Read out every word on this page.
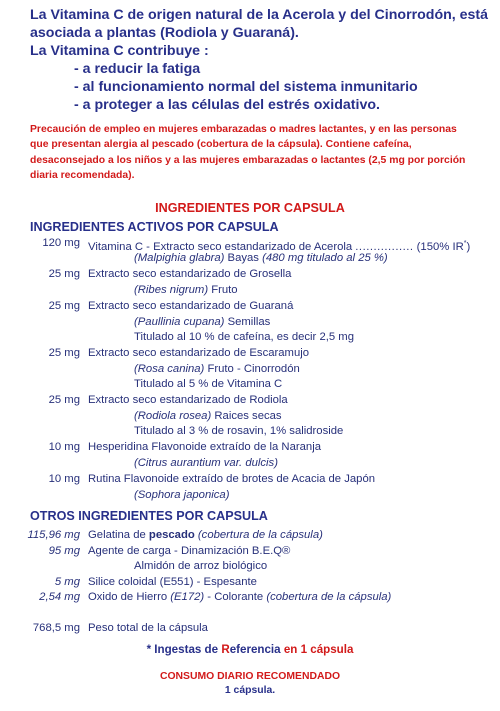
La Vitamina C de origen natural de la Acerola y del Cinorrodón, está
asociada a plantas (Rodiola y Guaraná).
La Vitamina C contribuye :
- a reducir la fatiga
- al funcionamiento normal del sistema inmunitario
- a proteger a las células del estrés oxidativo.
Precaución de empleo en mujeres embarazadas o madres lactantes, y en las personas
que presentan alergia al pescado (cobertura de la cápsula). Contiene cafeína,
desaconsejado a los niños y a las mujeres embarazadas o lactantes (2,5 mg por porción
diaria recomendada).
INGREDIENTES POR CAPSULA
INGREDIENTES ACTIVOS POR CAPSULA
120 mg Vitamina C - Extracto seco estandarizado de Acerola ................ (150% IR*)
(Malpighia glabra) Bayas (480 mg titulado al 25 %)
25 mg Extracto seco estandarizado de Grosella
(Ribes nigrum) Fruto
25 mg Extracto seco estandarizado de Guaraná
(Paullinia cupana) Semillas
Titulado al 10 % de cafeína, es decir 2,5 mg
25 mg Extracto seco estandarizado de Escaramujo
(Rosa canina) Fruto - Cinorrodón
Titulado al 5 % de Vitamina C
25 mg Extracto seco estandarizado de Rodiola
(Rodiola rosea) Raices secas
Titulado al 3 % de rosavin, 1% salidroside
10 mg Hesperidina Flavonoide extraído de la Naranja
(Citrus aurantium var. dulcis)
10 mg Rutina Flavonoide extraído de brotes de Acacia de Japón
(Sophora japonica)
OTROS INGREDIENTES POR CAPSULA
115,96 mg Gelatina de pescado (cobertura de la cápsula)
95 mg Agente de carga - Dinamización B.E.Q®
Almidón de arroz biológico
5 mg Silice coloidal (E551) - Espesante
2,54 mg Oxido de Hierro (E172) - Colorante (cobertura de la cápsula)
768,5 mg Peso total de la cápsula
* Ingestas de Referencia en 1 cápsula
CONSUMO DIARIO RECOMENDADO
1 cápsula.
